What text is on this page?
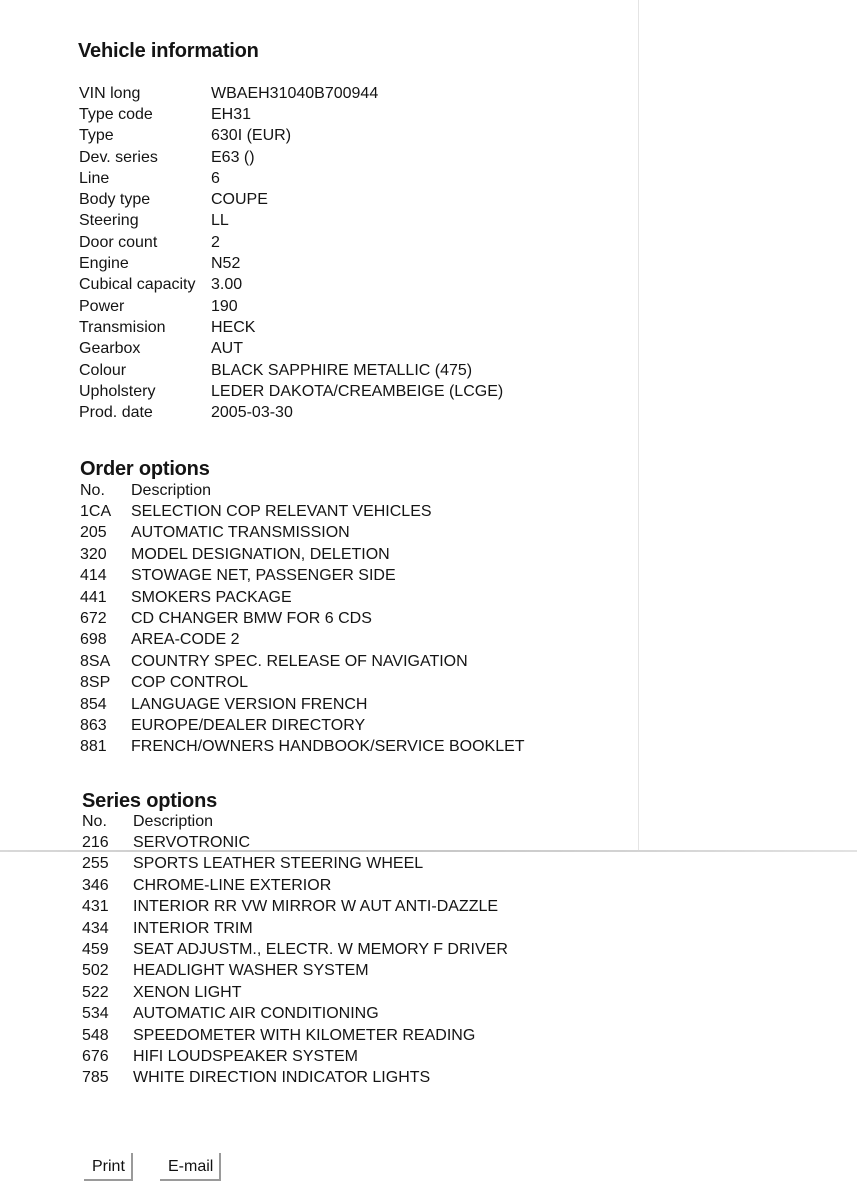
Vehicle information
VIN long	WBAEH31040B700944
Type code	EH31
Type	630I (EUR)
Dev. series	E63 ()
Line	6
Body type	COUPE
Steering	LL
Door count	2
Engine	N52
Cubical capacity 3.00
Power	190
Transmision	HECK
Gearbox	AUT
Colour	BLACK SAPPHIRE METALLIC (475)
Upholstery	LEDER DAKOTA/CREAMBEIGE (LCGE)
Prod. date	2005-03-30
Order options
No.	Description
1CA	SELECTION COP RELEVANT VEHICLES
205	AUTOMATIC TRANSMISSION
320	MODEL DESIGNATION, DELETION
414	STOWAGE NET, PASSENGER SIDE
441	SMOKERS PACKAGE
672	CD CHANGER BMW FOR 6 CDS
698	AREA-CODE 2
8SA	COUNTRY SPEC. RELEASE OF NAVIGATION
8SP	COP CONTROL
854	LANGUAGE VERSION FRENCH
863	EUROPE/DEALER DIRECTORY
881	FRENCH/OWNERS HANDBOOK/SERVICE BOOKLET
Series options
No.	Description
216	SERVOTRONIC
255	SPORTS LEATHER STEERING WHEEL
346	CHROME-LINE EXTERIOR
431	INTERIOR RR VW MIRROR W AUT ANTI-DAZZLE
434	INTERIOR TRIM
459	SEAT ADJUSTM., ELECTR. W MEMORY F DRIVER
502	HEADLIGHT WASHER SYSTEM
522	XENON LIGHT
534	AUTOMATIC AIR CONDITIONING
548	SPEEDOMETER WITH KILOMETER READING
676	HIFI LOUDSPEAKER SYSTEM
785	WHITE DIRECTION INDICATOR LIGHTS
Print	E-mail
